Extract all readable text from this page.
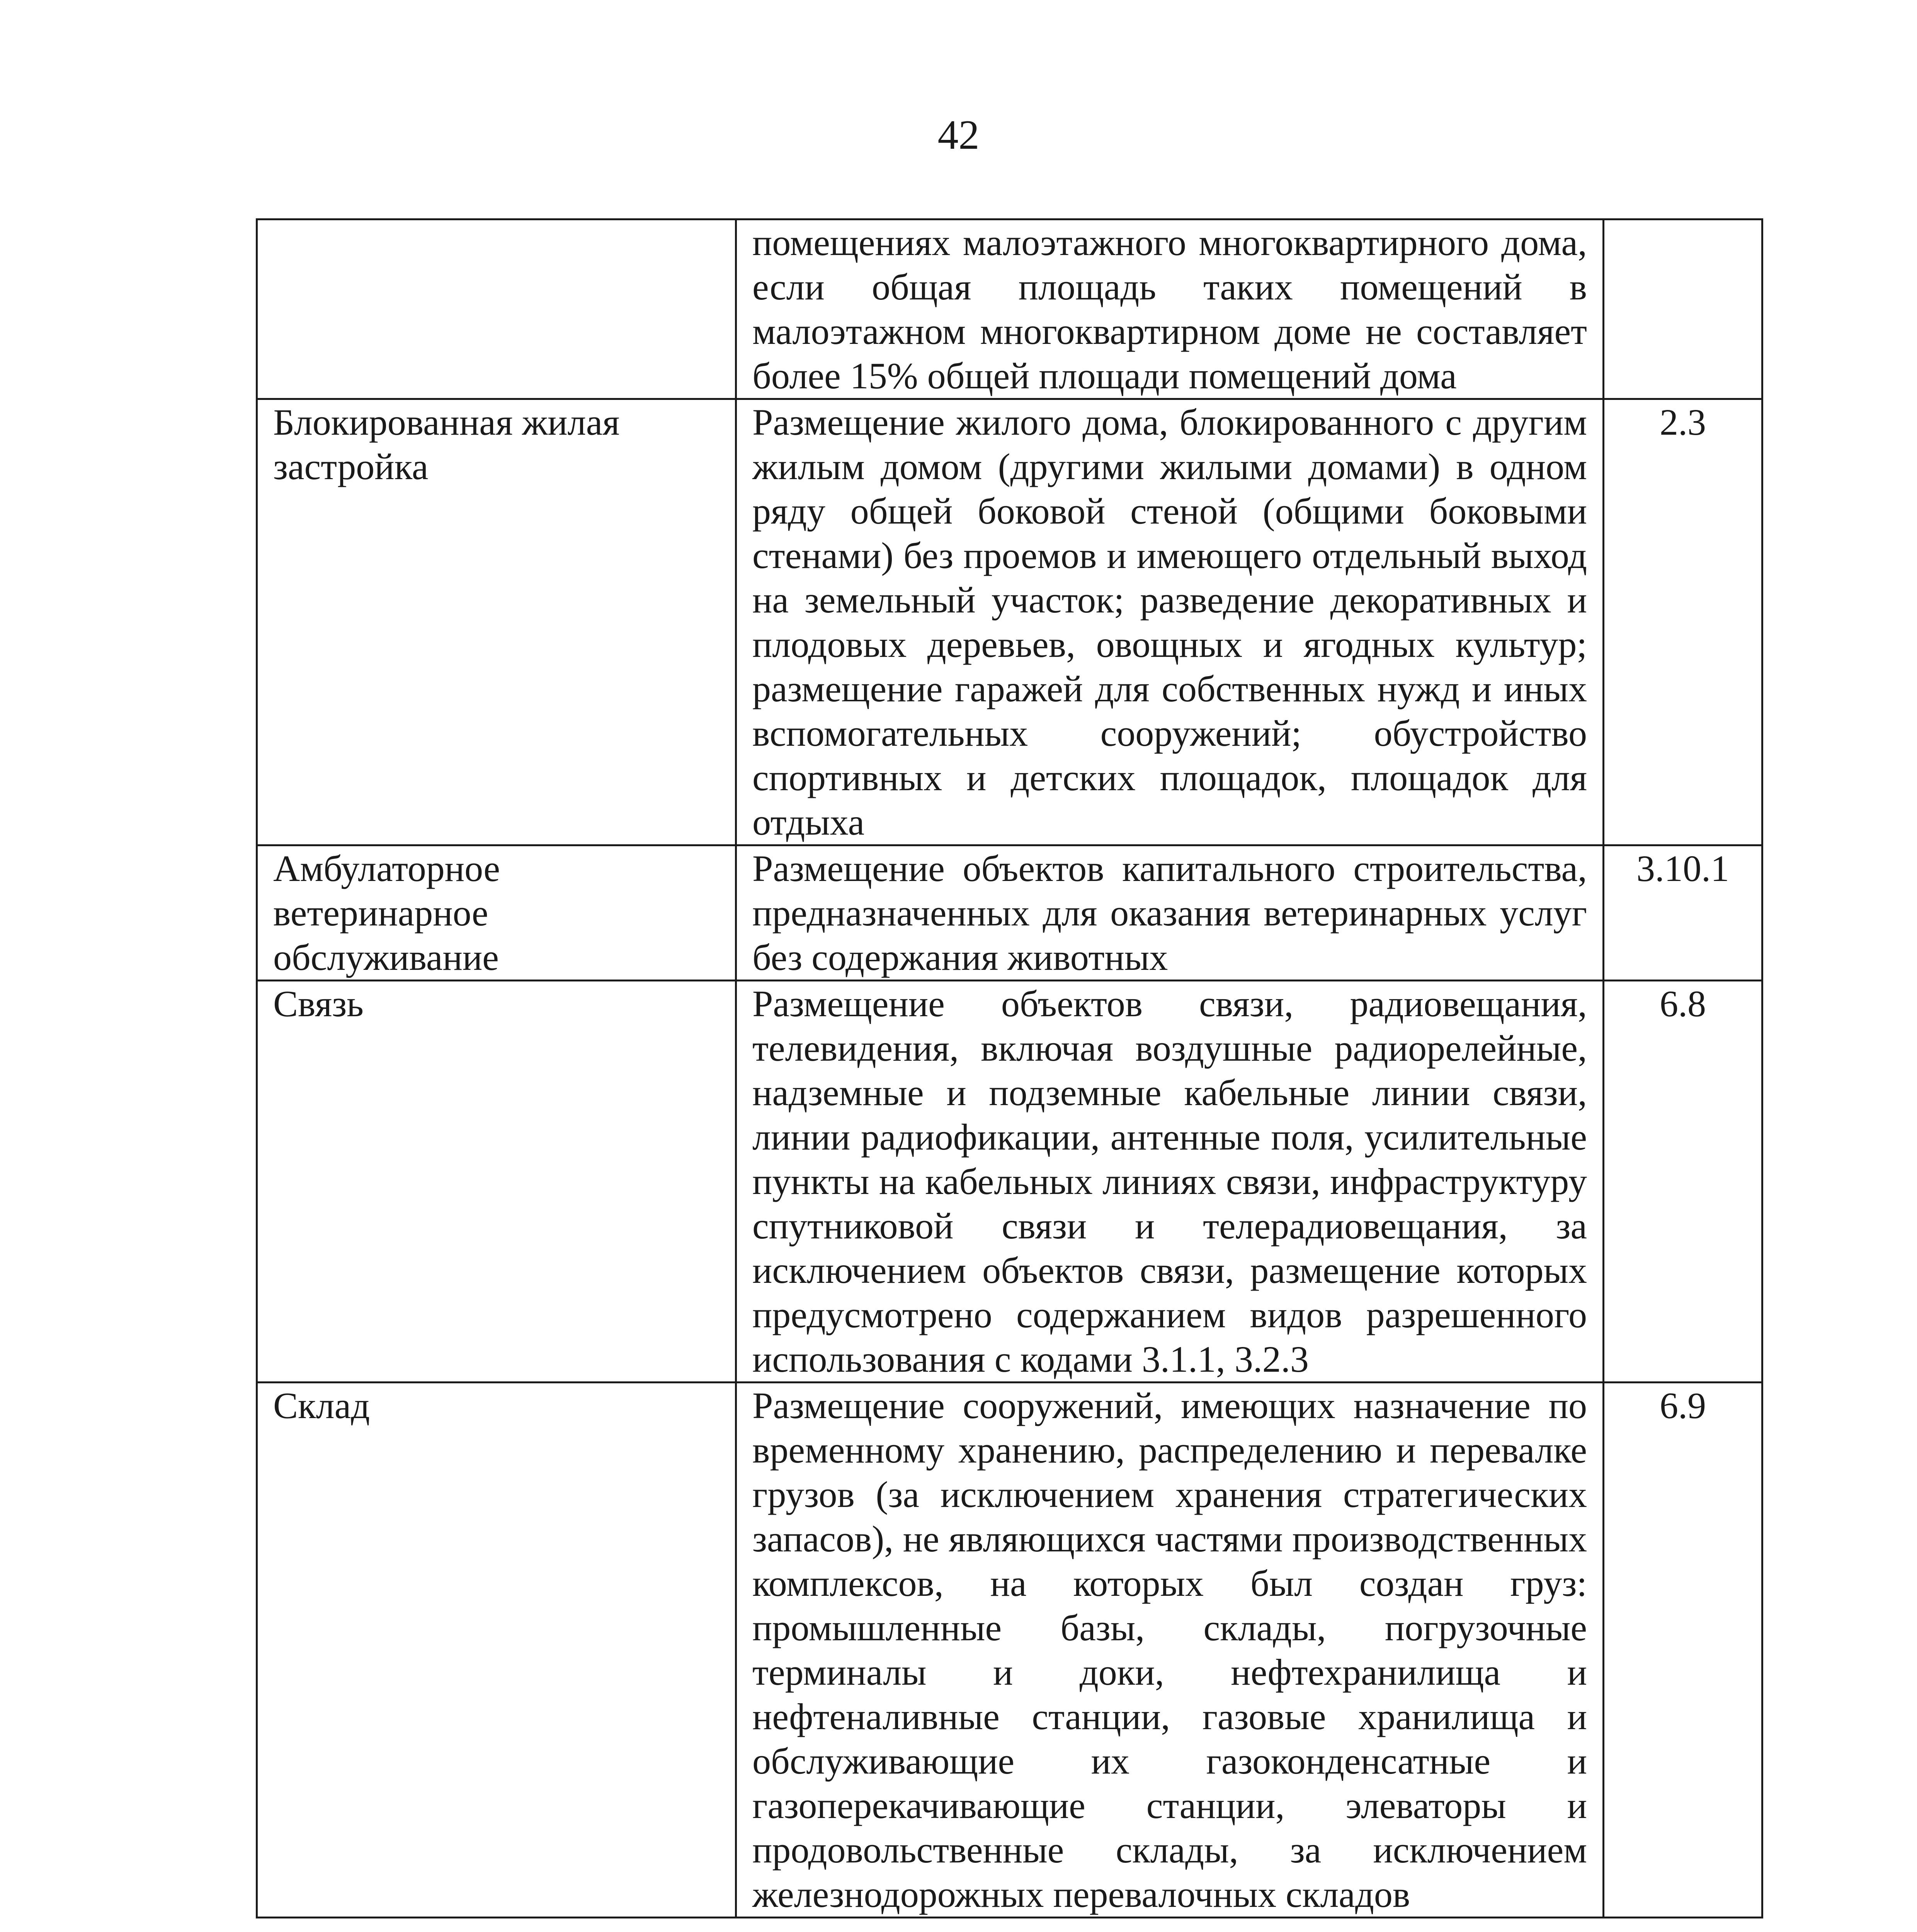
42
	помещениях малоэтажного многоквартирного дома, если общая площадь таких помещений в малоэтажном многоквартирном доме не составляет более 15% общей площади помещений дома	
Блокированная жилая застройка	Размещение жилого дома, блокированного с другим жилым домом (другими жилыми домами) в одном ряду общей боковой стеной (общими боковыми стенами) без проемов и имеющего отдельный выход на земельный участок; разведение декоративных и плодовых деревьев, овощных и ягодных культур; размещение гаражей для собственных нужд и иных вспомогательных сооружений; обустройство спортивных и детских площадок, площадок для отдыха	2.3
Амбулаторное ветеринарное обслуживание	Размещение объектов капитального строительства, предназначенных для оказания ветеринарных услуг без содержания животных	3.10.1
Связь	Размещение объектов связи, радиовещания, телевидения, включая воздушные радиорелейные, надземные и подземные кабельные линии связи, линии радиофикации, антенные поля, усилительные пункты на кабельных линиях связи, инфраструктуру спутниковой связи и телерадиовещания, за исключением объектов связи, размещение которых предусмотрено содержанием видов разрешенного использования с кодами 3.1.1, 3.2.3	6.8
Склад	Размещение сооружений, имеющих назначение по временному хранению, распределению и перевалке грузов (за исключением хранения стратегических запасов), не являющихся частями производственных комплексов, на которых был создан груз: промышленные базы, склады, погрузочные терминалы и доки, нефтехранилища и нефтеналивные станции, газовые хранилища и обслуживающие их газоконденсатные и газоперекачивающие станции, элеваторы и продовольственные склады, за исключением железнодорожных перевалочных складов	6.9
